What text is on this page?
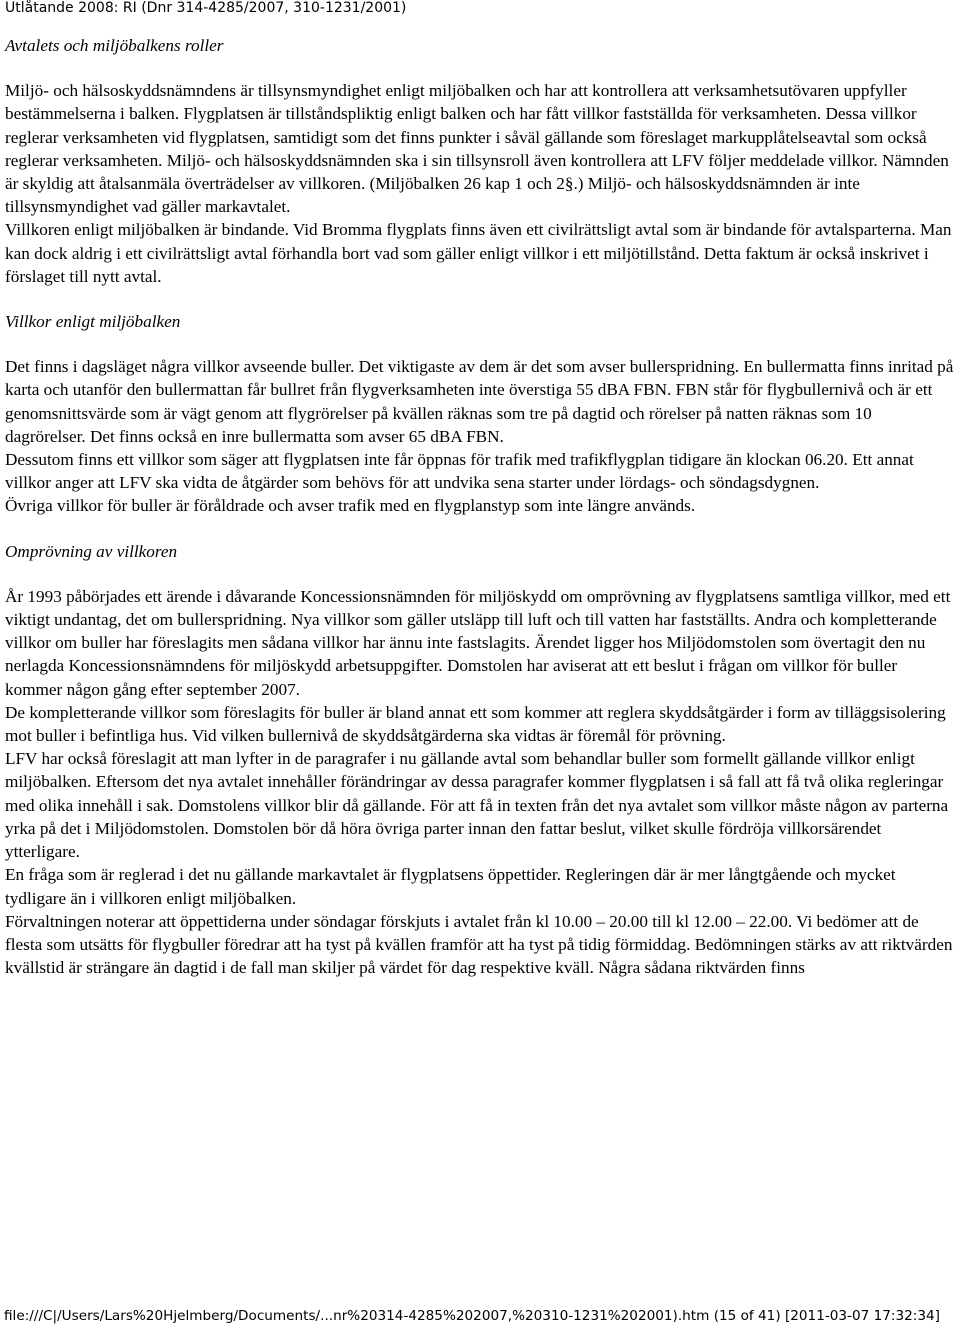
Utlåtande 2008: RI (Dnr 314-4285/2007, 310-1231/2001)

Avtalets och miljöbalkens roller

Miljö- och hälsoskyddsnämndens är tillsynsmyndighet enligt miljöbalken och har att kontrollera att verksamhetsutövaren uppfyller bestämmelserna i balken. Flygplatsen är tillståndspliktig enligt balken och har fått villkor fastställda för verksamheten. Dessa villkor reglerar verksamheten vid flygplatsen, samtidigt som det finns punkter i såväl gällande som föreslaget markupplåtelseavtal som också reglerar verksamheten. Miljö- och hälsoskyddsnämnden ska i sin tillsynsroll även kontrollera att LFV följer meddelade villkor. Nämnden är skyldig att åtalsanmäla överträdelser av villkoren. (Miljöbalken 26 kap 1 och 2§.) Miljö- och hälsoskyddsnämnden är inte tillsynsmyndighet vad gäller markavtalet.

Villkoren enligt miljöbalken är bindande. Vid Bromma flygplats finns även ett civilrättsligt avtal som är bindande för avtalsparterna. Man kan dock aldrig i ett civilrättsligt avtal förhandla bort vad som gäller enligt villkor i ett miljötillstånd. Detta faktum är också inskrivet i förslaget till nytt avtal.

Villkor enligt miljöbalken

Det finns i dagsläget några villkor avseende buller. Det viktigaste av dem är det som avser bullerspridning. En bullermatta finns inritad på karta och utanför den bullermattan får bullret från flygverksamheten inte överstiga 55 dBA FBN. FBN står för flygbullernivå och är ett genomsnittsvärde som är vägt genom att flygrörelser på kvällen räknas som tre på dagtid och rörelser på natten räknas som 10 dagrörelser. Det finns också en inre bullermatta som avser 65 dBA FBN.

Dessutom finns ett villkor som säger att flygplatsen inte får öppnas för trafik med trafikflygplan tidigare än klockan 06.20. Ett annat villkor anger att LFV ska vidta de åtgärder som behövs för att undvika sena starter under lördags- och söndagsdygnen.

Övriga villkor för buller är föråldrade och avser trafik med en flygplanstyp som inte längre används.

Omprövning av villkoren

År 1993 påbörjades ett ärende i dåvarande Koncessionsnämnden för miljöskydd om omprövning av flygplatsens samtliga villkor, med ett viktigt undantag, det om bullerspridning. Nya villkor som gäller utsläpp till luft och till vatten har fastställts. Andra och kompletterande villkor om buller har föreslagits men sådana villkor har ännu inte fastslagits. Ärendet ligger hos Miljödomstolen som övertagit den nu nerlagda Koncessionsnämndens för miljöskydd arbetsuppgifter. Domstolen har aviserat att ett beslut i frågan om villkor för buller kommer någon gång efter september 2007.

De kompletterande villkor som föreslagits för buller är bland annat ett som kommer att reglera skyddsåtgärder i form av tilläggsisolering mot buller i befintliga hus. Vid vilken bullernivå de skyddsåtgärderna ska vidtas är föremål för prövning.

LFV har också föreslagit att man lyfter in de paragrafer i nu gällande avtal som behandlar buller som formellt gällande villkor enligt miljöbalken. Eftersom det nya avtalet innehåller förändringar av dessa paragrafer kommer flygplatsen i så fall att få två olika regleringar med olika innehåll i sak. Domstolens villkor blir då gällande. För att få in texten från det nya avtalet som villkor måste någon av parterna yrka på det i Miljödomstolen. Domstolen bör då höra övriga parter innan den fattar beslut, vilket skulle fördröja villkorsärendet ytterligare.

En fråga som är reglerad i det nu gällande markavtalet är flygplatsens öppettider. Regleringen där är mer långtgående och mycket tydligare än i villkoren enligt miljöbalken.

Förvaltningen noterar att öppettiderna under söndagar förskjuts i avtalet från kl 10.00 – 20.00 till kl 12.00 – 22.00. Vi bedömer att de flesta som utsätts för flygbuller föredrar att ha tyst på kvällen framför att ha tyst på tidig förmiddag. Bedömningen stärks av att riktvärden kvällstid är strängare än dagtid i de fall man skiljer på värdet för dag respektive kväll. Några sådana riktvärden finns

file:///C|/Users/Lars%20Hjelmberg/Documents/...nr%20314-4285%202007,%20310-1231%202001).htm (15 of 41) [2011-03-07 17:32:34]
